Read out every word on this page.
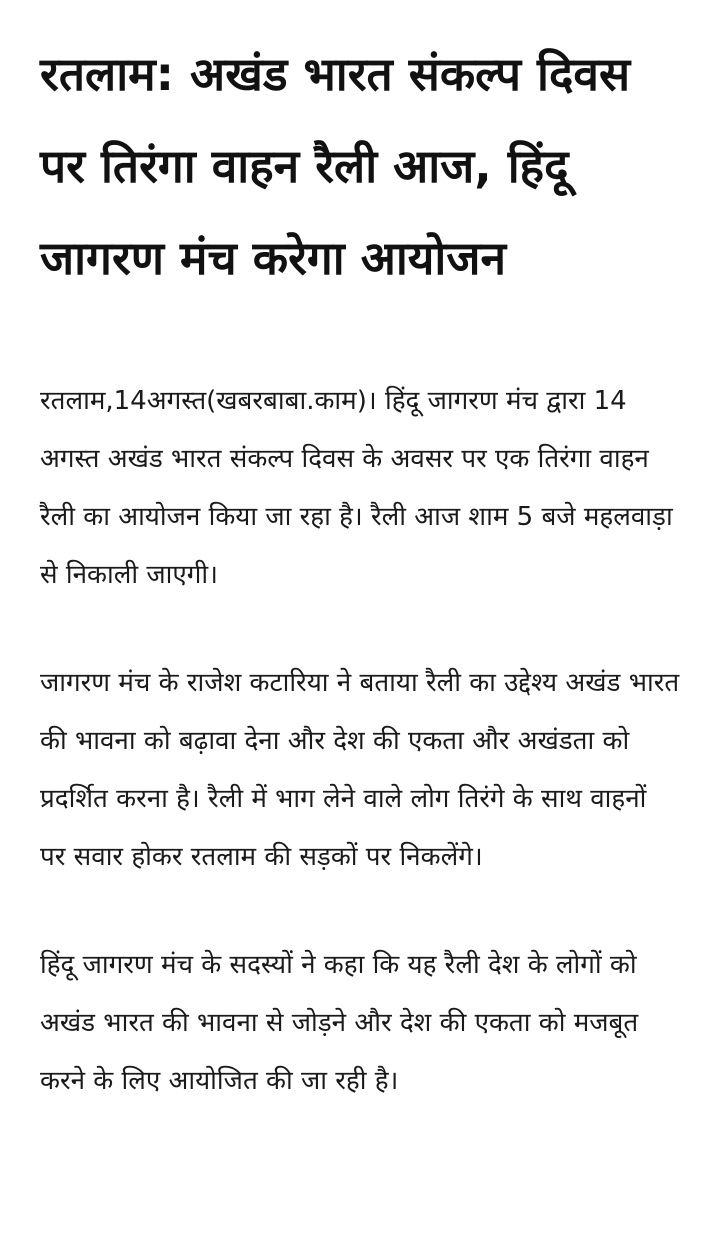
रतलाम: अखंड भारत संकल्प दिवस पर तिरंगा वाहन रैली आज, हिंदू जागरण मंच करेगा आयोजन

रतलाम,14अगस्त(खबरबाबा.काम)। हिंदू जागरण मंच द्वारा 14 अगस्त अखंड भारत संकल्प दिवस के अवसर पर एक तिरंगा वाहन रैली का आयोजन किया जा रहा है। रैली आज शाम 5 बजे महलवाड़ा से निकाली जाएगी।

जागरण मंच के राजेश कटारिया ने बताया रैली का उद्देश्य अखंड भारत की भावना को बढ़ावा देना और देश की एकता और अखंडता को प्रदर्शित करना है। रैली में भाग लेने वाले लोग तिरंगे के साथ वाहनों पर सवार होकर रतलाम की सड़कों पर निकलेंगे।

हिंदू जागरण मंच के सदस्यों ने कहा कि यह रैली देश के लोगों को अखंड भारत की भावना से जोड़ने और देश की एकता को मजबूत करने के लिए आयोजित की जा रही है।
